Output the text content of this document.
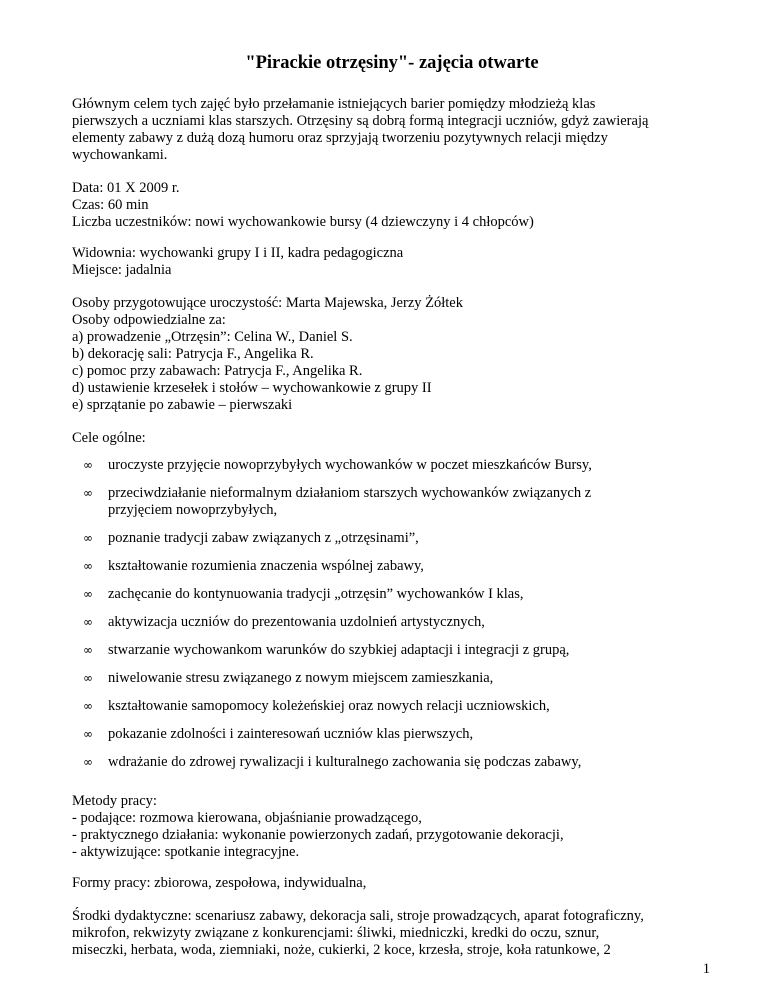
"Pirackie otrzęsiny"- zajęcia otwarte

Głównym celem tych zajęć było przełamanie istniejących barier pomiędzy młodzieżą klas

pierwszych a uczniami klas starszych. Otrzęsiny są dobrą formą integracji uczniów, gdyż zawierają

elementy zabawy z dużą dozą humoru oraz sprzyjają tworzeniu pozytywnych relacji między

wychowankami.

Data: 01 X 2009 r.

Czas: 60 min

Liczba uczestników: nowi wychowankowie bursy (4 dziewczyny i 4 chłopców)

Widownia: wychowanki grupy I i II, kadra pedagogiczna

Miejsce: jadalnia

Osoby przygotowujące uroczystość: Marta Majewska, Jerzy Żółtek

Osoby odpowiedzialne za:

a) prowadzenie „Otrzęsin”: Celina W., Daniel S.

b) dekorację sali: Patrycja F., Angelika R.

c) pomoc przy zabawach: Patrycja F., Angelika R.

d) ustawienie krzesełek i stołów – wychowankowie z grupy II

e) sprzątanie po zabawie – pierwszaki

Cele ogólne:

∞ uroczyste przyjęcie nowoprzybyłych wychowanków w poczet mieszkańców Bursy,

∞ przeciwdziałanie nieformalnym działaniom starszych wychowanków związanych z

przyjęciem nowoprzybyłych,

∞ poznanie tradycji zabaw związanych z „otrzęsinami”,

∞ kształtowanie rozumienia znaczenia wspólnej zabawy,

∞ zachęcanie do kontynuowania tradycji „otrzęsin” wychowanków I klas,

∞ aktywizacja uczniów do prezentowania uzdolnień artystycznych,

∞ stwarzanie wychowankom warunków do szybkiej adaptacji i integracji z grupą,

∞ niwelowanie stresu związanego z nowym miejscem zamieszkania,

∞ kształtowanie samopomocy koleżeńskiej oraz nowych relacji uczniowskich,

∞ pokazanie zdolności i zainteresowań uczniów klas pierwszych,

∞ wdrażanie do zdrowej rywalizacji i kulturalnego zachowania się podczas zabawy,

Metody pracy:

- podające: rozmowa kierowana, objaśnianie prowadzącego,

- praktycznego działania: wykonanie powierzonych zadań, przygotowanie dekoracji,

- aktywizujące: spotkanie integracyjne.

Formy pracy: zbiorowa, zespołowa, indywidualna,

Środki dydaktyczne: scenariusz zabawy, dekoracja sali, stroje prowadzących, aparat fotograficzny,

mikrofon, rekwizyty związane z konkurencjami: śliwki, miedniczki, kredki do oczu, sznur,

miseczki, herbata, woda, ziemniaki, noże, cukierki, 2 koce, krzesła, stroje, koła ratunkowe, 2

1
